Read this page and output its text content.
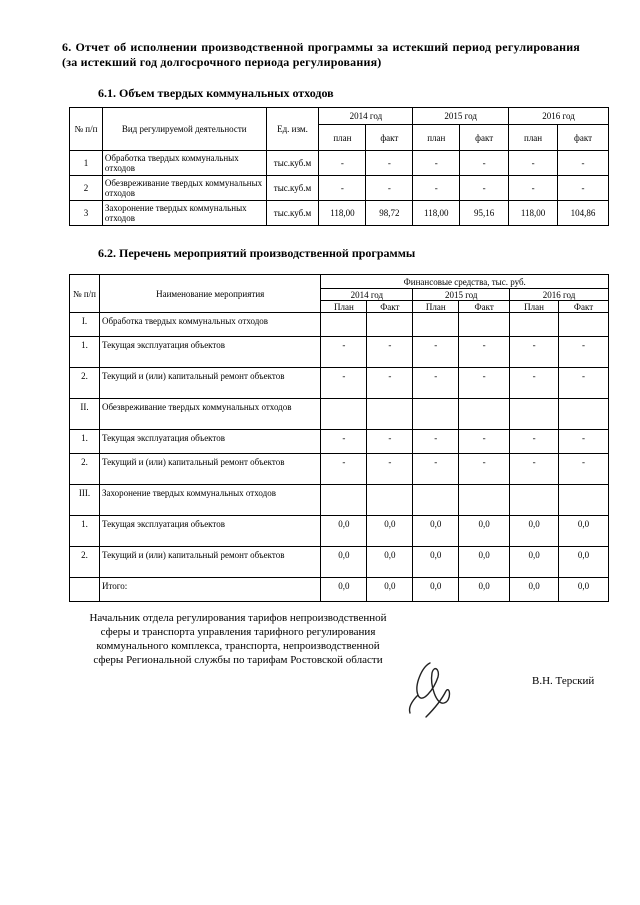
6. Отчет об исполнении производственной программы за истекший период регулирования (за истекший год долгосрочного периода регулирования)
6.1. Объем твердых коммунальных отходов
№ п/п	Вид регулируемой деятельности	Ед. изм.	2014 год		2015 год		2016 год	
			план	факт	план	факт	план	факт
1	Обработка твердых коммунальных отходов	тыс.куб.м	-	-	-	-	-	-
2	Обезвреживание твердых коммунальных отходов	тыс.куб.м	-	-	-	-	-	-
3	Захоронение твердых коммунальных отходов	тыс.куб.м	118,00	98,72	118,00	95,16	118,00	104,86
6.2. Перечень мероприятий производственной программы
№ п/п	Наименование мероприятия	Финансовые средства, тыс. руб.					
		2014 год		2015 год		2016 год	
		План	Факт	План	Факт	План	Факт
I.	Обработка твердых коммунальных отходов						
1.	Текущая эксплуатация объектов	-	-	-	-	-	-
2.	Текущий и (или) капитальный ремонт объектов	-	-	-	-	-	-
II.	Обезвреживание твердых коммунальных отходов						
1.	Текущая эксплуатация объектов	-	-	-	-	-	-
2.	Текущий и (или) капитальный ремонт объектов	-	-	-	-	-	-
III.	Захоронение твердых коммунальных отходов						
1.	Текущая эксплуатация объектов	0,0	0,0	0,0	0,0	0,0	0,0
2.	Текущий и (или) капитальный ремонт объектов	0,0	0,0	0,0	0,0	0,0	0,0
	Итого:	0,0	0,0	0,0	0,0	0,0	0,0
Начальник отдела регулирования тарифов непроизводственной сферы и транспорта управления тарифного регулирования коммунального комплекса, транспорта, непроизводственной сферы Региональной службы по тарифам Ростовской области
В.Н. Терский
